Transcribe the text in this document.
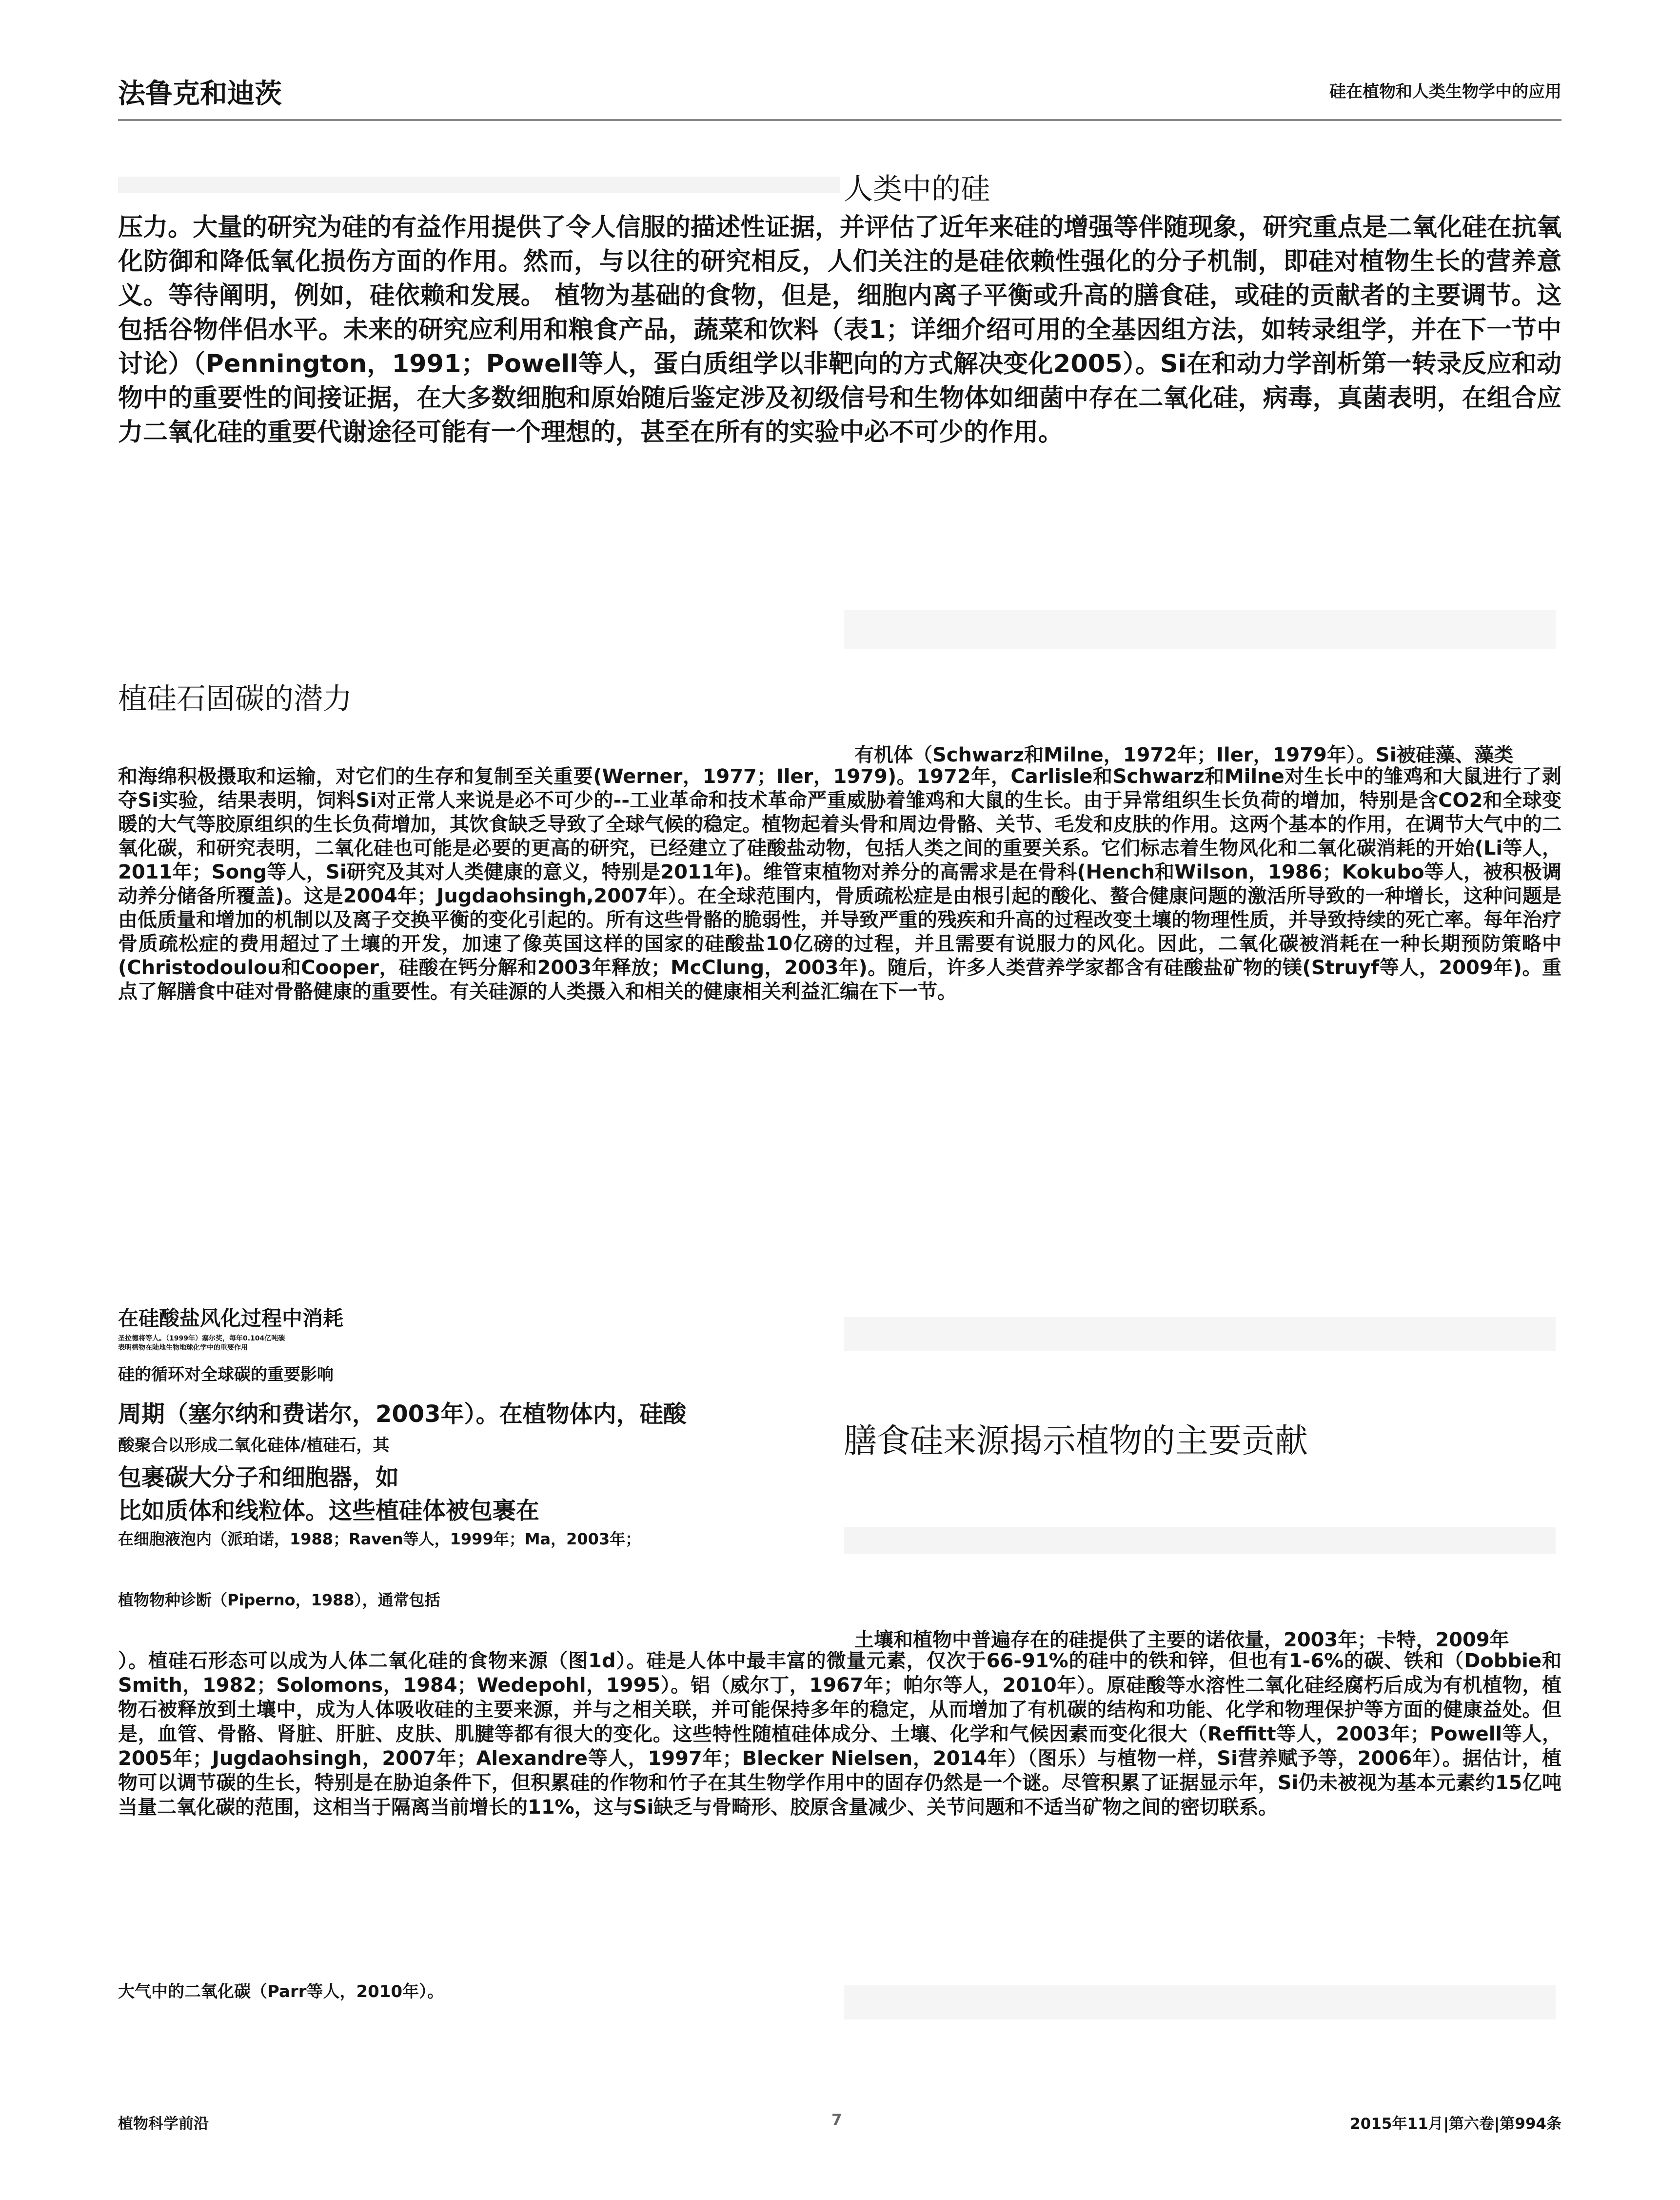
法鲁克和迪茨	硅在植物和人类生物学中的应用
人类中的硅

压力。大量的研究为硅的有益作用提供了令人信服的描述性证据，并评估了近年来硅的增强等伴随现象，研究重点是二氧化硅在抗氧化防御和降低氧化损伤方面的作用。然而，与以往的研究相反，人们关注的是硅依赖性强化的分子机制，即硅对植物生长的营养意义。等待阐明，例如，硅依赖和发展。 植物为基础的食物，但是，细胞内离子平衡或升高的膳食硅，或硅的贡献者的主要调节。这包括谷物伴侣水平。未来的研究应利用和粮食产品，蔬菜和饮料（表1；详细介绍可用的全基因组方法，如转录组学，并在下一节中讨论）（Pennington，1991；Powell等人，蛋白质组学以非靶向的方式解决变化2005）。Si在和动力学剖析第一转录反应和动物中的重要性的间接证据，在大多数细胞和原始随后鉴定涉及初级信号和生物体如细菌中存在二氧化硅，病毒，真菌表明，在组合应力二氧化硅的重要代谢途径可能有一个理想的，甚至在所有的实验中必不可少的作用。

植硅石固碳的潜力
有机体（Schwarz和Milne，1972年；Iler，1979年）。Si被硅藻、藻类

和海绵积极摄取和运输，对它们的生存和复制至关重要(Werner，1977；Iler，1979)。1972年，Carlisle和Schwarz和Milne对生长中的雏鸡和大鼠进行了剥夺Si实验，结果表明，饲料Si对正常人来说是必不可少的--工业革命和技术革命严重威胁着雏鸡和大鼠的生长。由于异常组织生长负荷的增加，特别是含CO2和全球变暖的大气等胶原组织的生长负荷增加，其饮食缺乏导致了全球气候的稳定。植物起着头骨和周边骨骼、关节、毛发和皮肤的作用。这两个基本的作用，在调节大气中的二氧化碳，和研究表明，二氧化硅也可能是必要的更高的研究，已经建立了硅酸盐动物，包括人类之间的重要关系。它们标志着生物风化和二氧化碳消耗的开始(Li等人，2011年；Song等人，Si研究及其对人类健康的意义，特别是2011年)。维管束植物对养分的高需求是在骨科(Hench和Wilson，1986；Kokubo等人，被积极调动养分储备所覆盖)。这是2004年；Jugdaohsingh,2007年）。在全球范围内，骨质疏松症是由根引起的酸化、螯合健康问题的激活所导致的一种增长，这种问题是由低质量和增加的机制以及离子交换平衡的变化引起的。所有这些骨骼的脆弱性，并导致严重的残疾和升高的过程改变土壤的物理性质，并导致持续的死亡率。每年治疗骨质疏松症的费用超过了土壤的开发，加速了像英国这样的国家的硅酸盐10亿磅的过程，并且需要有说服力的风化。因此，二氧化碳被消耗在一种长期预防策略中(Christodoulou和Cooper，硅酸在钙分解和2003年释放；McClung，2003年)。随后，许多人类营养学家都含有硅酸盐矿物的镁(Struyf等人，2009年)。重点了解膳食中硅对骨骼健康的重要性。有关硅源的人类摄入和相关的健康相关利益汇编在下一节。

在硅酸盐风化过程中消耗
圣拉德将等人。（1999年）塞尔奖，每年0.104亿吨碳
表明植物在陆地生物地球化学中的重要作用
硅的循环对全球碳的重要影响
周期（塞尔纳和费诺尔，2003年）。在植物体内，硅酸
酸聚合以形成二氧化硅体/植硅石，其
包裹碳大分子和细胞器，如
比如质体和线粒体。这些植硅体被包裹在
在细胞液泡内（派珀诺，1988；Raven等人，1999年；Ma，2003年；
植物物种诊断（Piperno，1988），通常包括
膳食硅来源揭示植物的主要贡献
土壤和植物中普遍存在的硅提供了主要的诺依量，2003年；卡特，2009年

）。植硅石形态可以成为人体二氧化硅的食物来源（图1d）。硅是人体中最丰富的微量元素，仅次于66-91%的硅中的铁和锌，但也有1-6%的碳、铁和（Dobbie和Smith，1982；Solomons，1984；Wedepohl，1995）。铝（威尔丁，1967年；帕尔等人，2010年）。原硅酸等水溶性二氧化硅经腐朽后成为有机植物，植物石被释放到土壤中，成为人体吸收硅的主要来源，并与之相关联，并可能保持多年的稳定，从而增加了有机碳的结构和功能、化学和物理保护等方面的健康益处。但是，血管、骨骼、肾脏、肝脏、皮肤、肌腱等都有很大的变化。这些特性随植硅体成分、土壤、化学和气候因素而变化很大（Reffitt等人，2003年；Powell等人，2005年；Jugdaohsingh，2007年；Alexandre等人，1997年；Blecker Nielsen，2014年）（图乐）与植物一样，Si营养赋予等，2006年）。据估计，植物可以调节碳的生长，特别是在胁迫条件下，但积累硅的作物和竹子在其生物学作用中的固存仍然是一个谜。尽管积累了证据显示年，Si仍未被视为基本元素约15亿吨当量二氧化碳的范围，这相当于隔离当前增长的11%，这与Si缺乏与骨畸形、胶原含量减少、关节问题和不适当矿物之间的密切联系。

大气中的二氧化碳（Parr等人，2010年）。
植物科学前沿	7	2015年11月|第六卷|第994条
